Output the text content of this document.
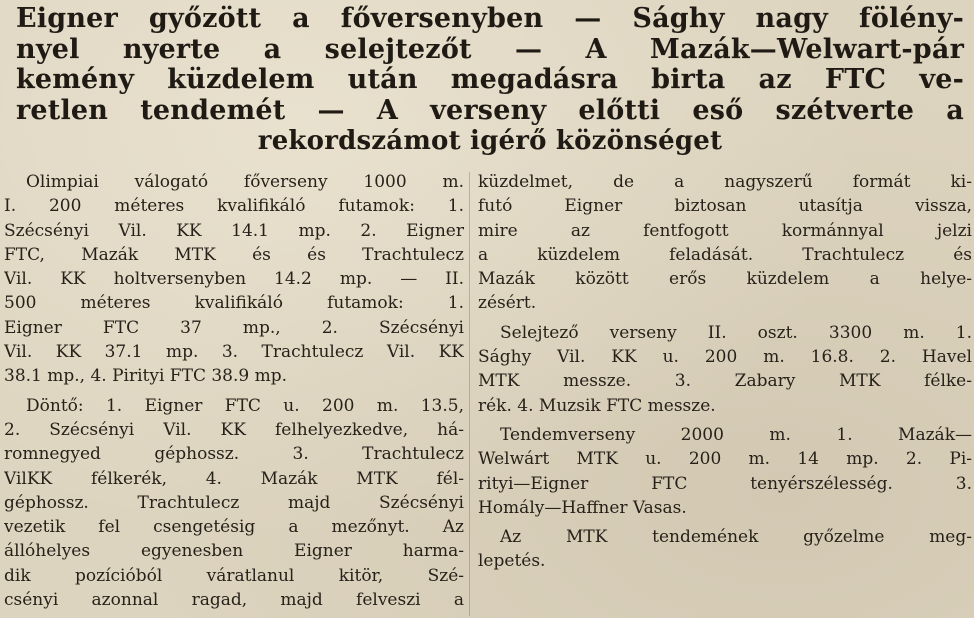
Eigner győzött a főversenyben — Sághy nagy fölény-
nyel nyerte a selejtezőt — A Mazák—Welwart-pár
kemény küzdelem után megadásra birta az FTC ve-
retlen tendemét — A verseny előtti eső szétverte a
rekordszámot igérő közönséget
Olimpiai válogató főverseny 1000 m.
I. 200 méteres kvalifikáló futamok: 1.
Szécsényi Vil. KK 14.1 mp. 2. Eigner
FTC, Mazák MTK és és Trachtulecz
Vil. KK holtversenyben 14.2 mp. — II.
500 méteres kvalifikáló futamok: 1.
Eigner FTC 37 mp., 2. Szécsényi
Vil. KK 37.1 mp. 3. Trachtulecz Vil. KK
38.1 mp., 4. Pirityi FTC 38.9 mp.
Döntő: 1. Eigner FTC u. 200 m. 13.5,
2. Szécsényi Vil. KK felhelyezkedve, há-
romnegyed géphossz. 3. Trachtulecz
VilKK félkerék, 4. Mazák MTK fél-
géphossz. Trachtulecz majd Szécsényi
vezetik fel csengetésig a mezőnyt. Az
állóhelyes egyenesben Eigner harma-
dik pozícióból váratlanul kitör, Szé-
csényi azonnal ragad, majd felveszi a
küzdelmet, de a nagyszerű formát ki-
futó Eigner biztosan utasítja vissza,
mire az fentfogott kormánnyal jelzi
a küzdelem feladását. Trachtulecz és
Mazák között erős küzdelem a helye-
zésért.
Selejtező verseny II. oszt. 3300 m. 1.
Sághy Vil. KK u. 200 m. 16.8. 2. Havel
MTK messze. 3. Zabary MTK félke-
rék. 4. Muzsik FTC messze.
Tendemverseny 2000 m. 1. Mazák—
Welwárt MTK u. 200 m. 14 mp. 2. Pi-
rityi—Eigner FTC tenyérszélesség. 3.
Homály—Haffner Vasas.
Az MTK tendemének győzelme meg-
lepetés.
